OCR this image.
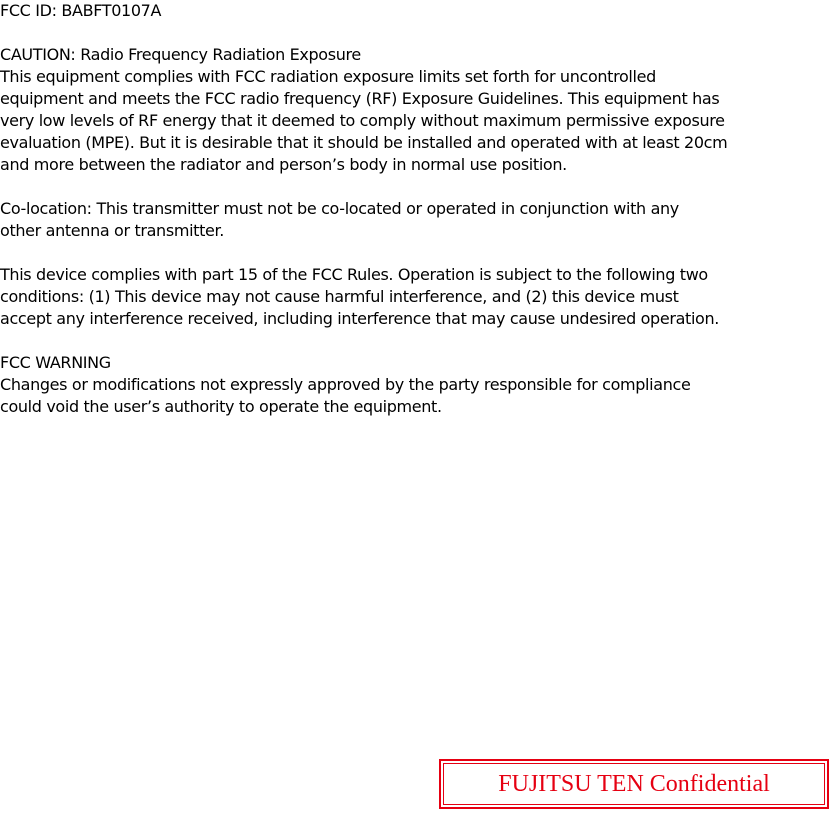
FCC ID: BABFT0107A

CAUTION: Radio Frequency Radiation Exposure

This equipment complies with FCC radiation exposure limits set forth for uncontrolled

equipment and meets the FCC radio frequency (RF) Exposure Guidelines. This equipment has

very low levels of RF energy that it deemed to comply without maximum permissive exposure

evaluation (MPE). But it is desirable that it should be installed and operated with at least 20cm

and more between the radiator and person’s body in normal use position.

Co-location: This transmitter must not be co-located or operated in conjunction with any

other antenna or transmitter.

This device complies with part 15 of the FCC Rules. Operation is subject to the following two

conditions: (1) This device may not cause harmful interference, and (2) this device must

accept any interference received, including interference that may cause undesired operation.

FCC WARNING

Changes or modifications not expressly approved by the party responsible for compliance

could void the user’s authority to operate the equipment.

FUJITSU TEN Confidential
